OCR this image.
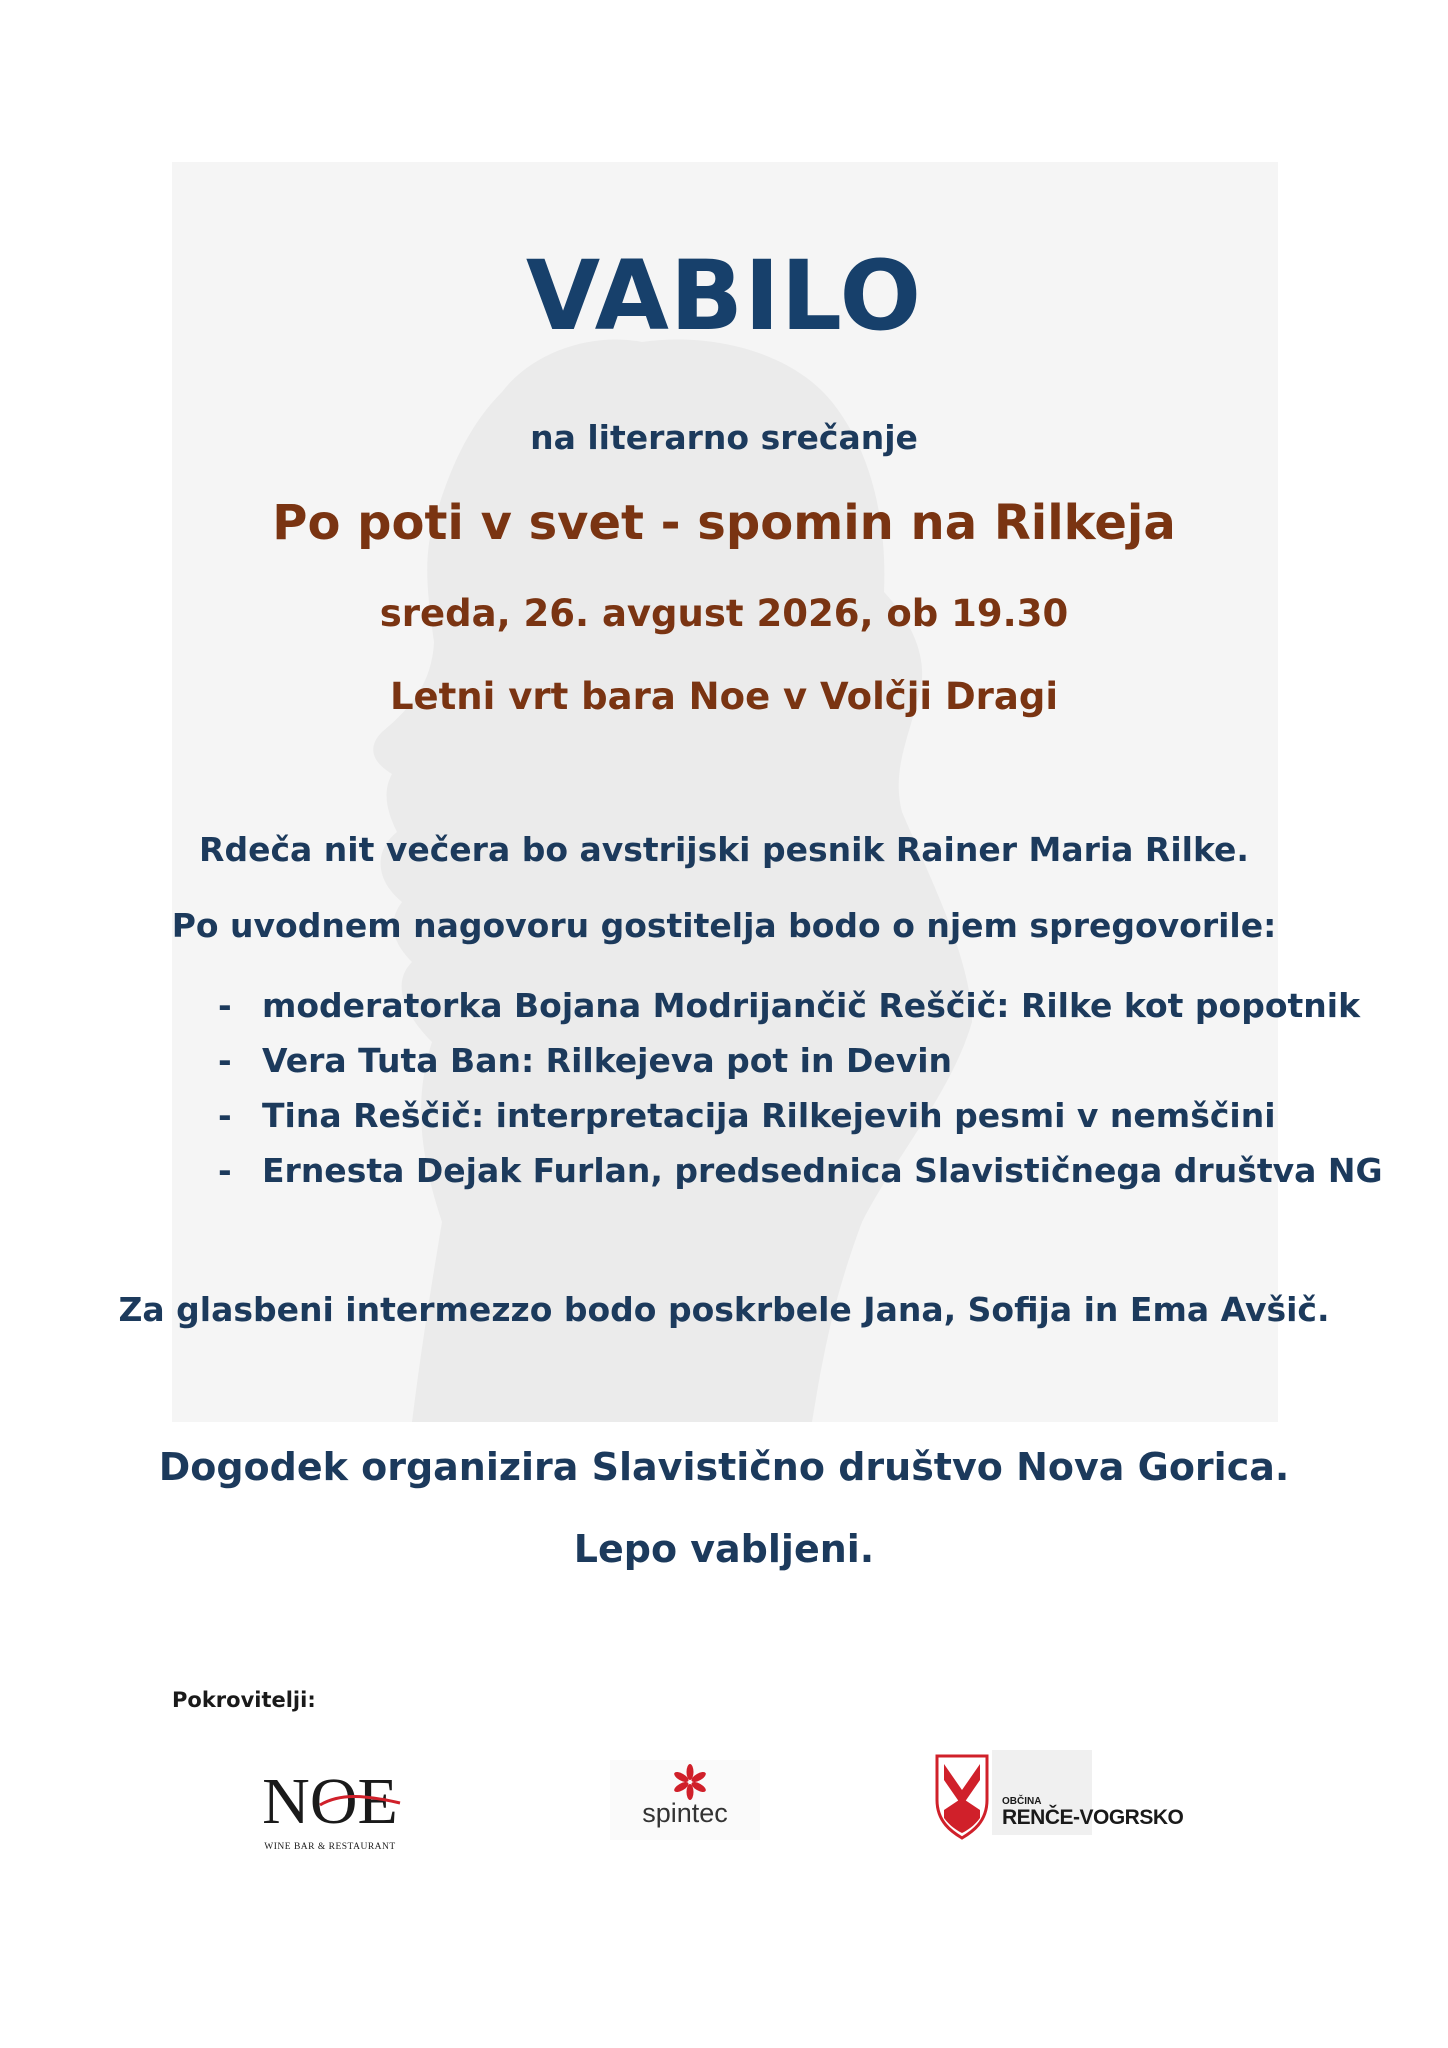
VABILO

na literarno srečanje

Po poti v svet - spomin na Rilkeja

sreda, 26. avgust 2026, ob 19.30

Letni vrt bara Noe v Volčji Dragi

Rdeča nit večera bo avstrijski pesnik Rainer Maria Rilke.

Po uvodnem nagovoru gostitelja bodo o njem spregovorile:

- moderatorka Bojana Modrijančič Reščič: Rilke kot popotnik
- Vera Tuta Ban: Rilkejeva pot in Devin
- Tina Reščič: interpretacija Rilkejevih pesmi v nemščini
- Ernesta Dejak Furlan, predsednica Slavističnega društva NG

Za glasbeni intermezzo bodo poskrbele Jana, Sofija in Ema Avšič.

Dogodek organizira Slavistično društvo Nova Gorica.

Lepo vabljeni.

Pokrovitelji:

NOE
WINE BAR & RESTAURANT
spintec	OBČINA
RENČE-VOGRSKO
